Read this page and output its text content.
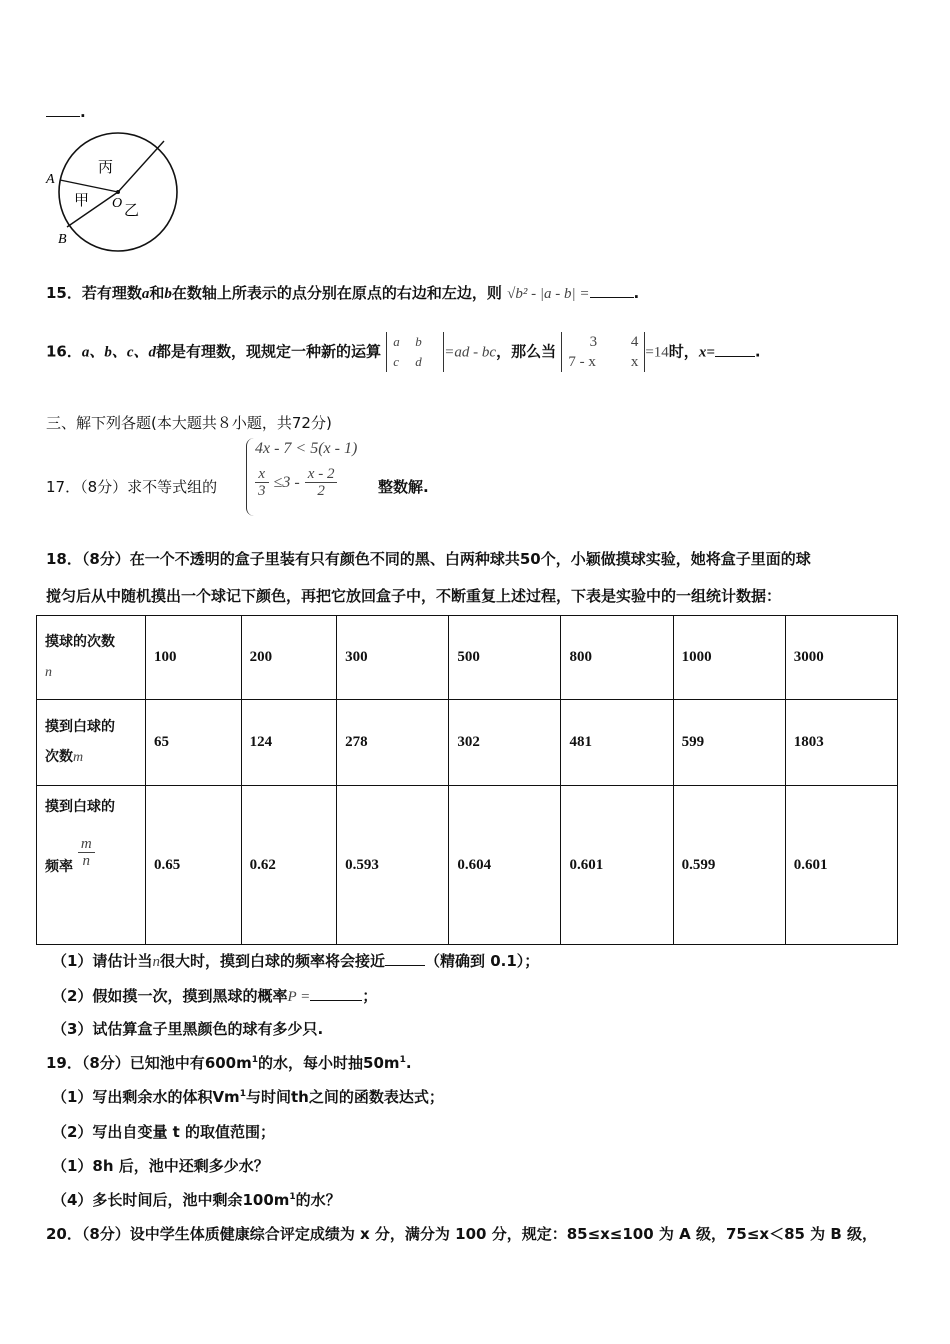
.
丙
甲 O 乙
A
B
15．若有理数a和b在数轴上所表示的点分别在原点的右边和左边，则 √b² - |a - b| =	.
16．a、b、c、d都是有理数，现规定一种新的运算 a b
c d=ad - bc，那么当 3 4
7 - x x=14时，x=	.
三、解下列各题(本大题共８小题，共72分)
17．（8分）求不等式组的
4x - 7 < 5(x - 1)
$\frac{x}{3} \le 3 - \frac{x - 2}{2}$	整数解.
18．（8分）在一个不透明的盒子里装有只有颜色不同的黑、白两种球共50个，小颖做摸球实验，她将盒子里面的球
搅匀后从中随机摸出一个球记下颜色，再把它放回盒子中，不断重复上述过程，下表是实验中的一组统计数据：
摸球的次数
n	100	200	300	500	800	1000	3000
摸到白球的
次数m	65	124	278	302	481	599	1803
摸到白球的

频率 $\frac{m}{n}$	0.65	0.62	0.593	0.604	0.601	0.599	0.601
（1）请估计当n很大时，摸到白球的频率将会接近	（精确到 0.1）；
（2）假如摸一次，摸到黑球的概率P =	；
（3）试估算盒子里黑颜色的球有多少只.
19．（8分）已知池中有$600m^1$的水，每小时抽$50m^1$.
（1）写出剩余水的体积Vm$^1$与时间th之间的函数表达式；
（2）写出自变量 t 的取值范围；
（1）8h 后，池中还剩多少水？
（4）多长时间后，池中剩余$100m^1$的水？
20．（8分）设中学生体质健康综合评定成绩为 x 分，满分为 100 分，规定：85≤x≤100 为 A 级，75≤x＜85 为 B 级，
